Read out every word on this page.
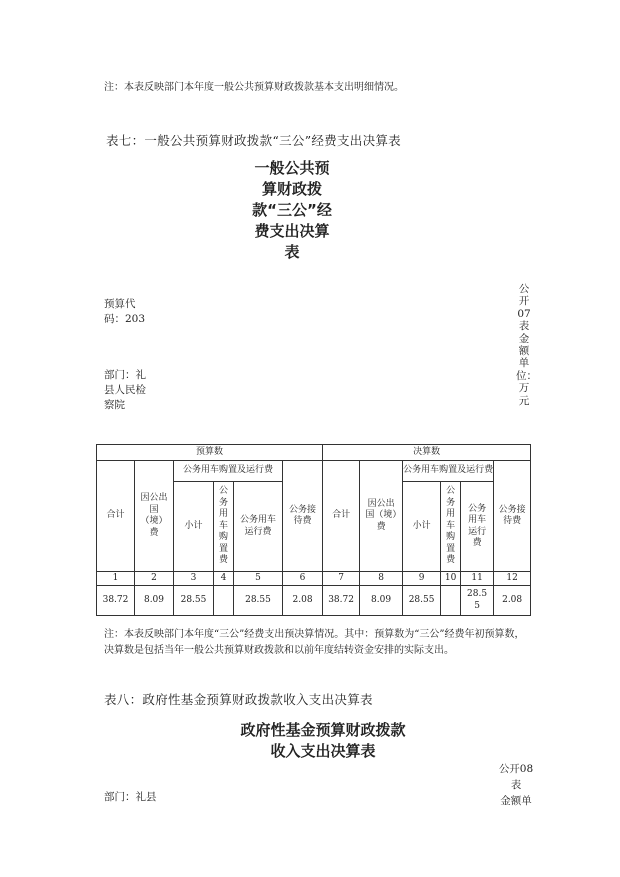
注：本表反映部门本年度一般公共预算财政拨款基本支出明细情况。
表七：一般公共预算财政拨款“三公”经费支出决算表
一般公共预算财政拨款“三公”经费支出决算表
预算代码：203
部门：礼县人民检察院
公开07表金额单位：万元
预算数						决算数					
合计	因公出国（境）费	公务用车购置及运行费			公务接待费	合计	因公出国（境）费	公务用车购置及运行费			公务接待费
		小计	公务用车购置费	公务用车运行费				小计	公务用车购置费	公务用车运行费	
1	2	3	4	5	6	7	8	9	10	11	12
38.72	8.09	28.55		28.55	2.08	38.72	8.09	28.55		28.55	2.08
注：本表反映部门本年度“三公”经费支出预决算情况。其中：预算数为“三公”经费年初预算数，决算数是包括当年一般公共预算财政拨款和以前年度结转资金安排的实际支出。
表八：政府性基金预算财政拨款收入支出决算表
政府性基金预算财政拨款收入支出决算表
公开08
表
金额单
部门：礼县
